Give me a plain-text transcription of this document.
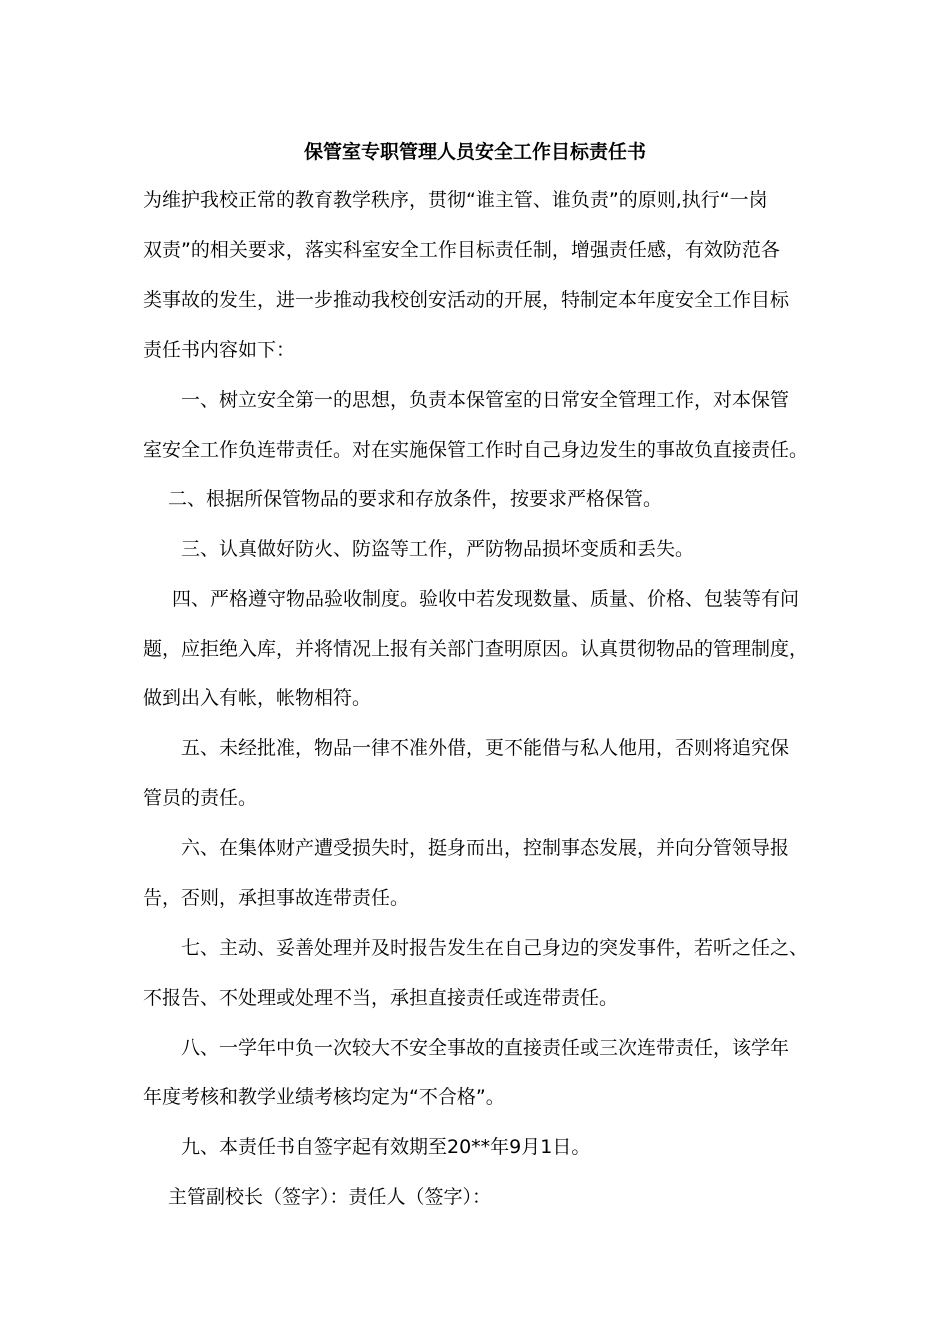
保管室专职管理人员安全工作目标责任书
为维护我校正常的教育教学秩序，贯彻“谁主管、谁负责”的原则,执行“一岗
双责”的相关要求，落实科室安全工作目标责任制，增强责任感，有效防范各
类事故的发生，进一步推动我校创安活动的开展，特制定本年度安全工作目标
责任书内容如下：
一、树立安全第一的思想，负责本保管室的日常安全管理工作，对本保管
室安全工作负连带责任。对在实施保管工作时自己身边发生的事故负直接责任。
二、根据所保管物品的要求和存放条件，按要求严格保管。
三、认真做好防火、防盗等工作，严防物品损坏变质和丢失。
四、严格遵守物品验收制度。验收中若发现数量、质量、价格、包装等有问
题，应拒绝入库，并将情况上报有关部门查明原因。认真贯彻物品的管理制度，
做到出入有帐，帐物相符。
五、未经批准，物品一律不准外借，更不能借与私人他用，否则将追究保
管员的责任。
六、在集体财产遭受损失时，挺身而出，控制事态发展，并向分管领导报
告，否则，承担事故连带责任。
七、主动、妥善处理并及时报告发生在自己身边的突发事件，若听之任之、
不报告、不处理或处理不当，承担直接责任或连带责任。
八、一学年中负一次较大不安全事故的直接责任或三次连带责任，该学年
年度考核和教学业绩考核均定为“不合格”。
九、本责任书自签字起有效期至20**年9月1日。
主管副校长（签字）：责任人（签字）：
